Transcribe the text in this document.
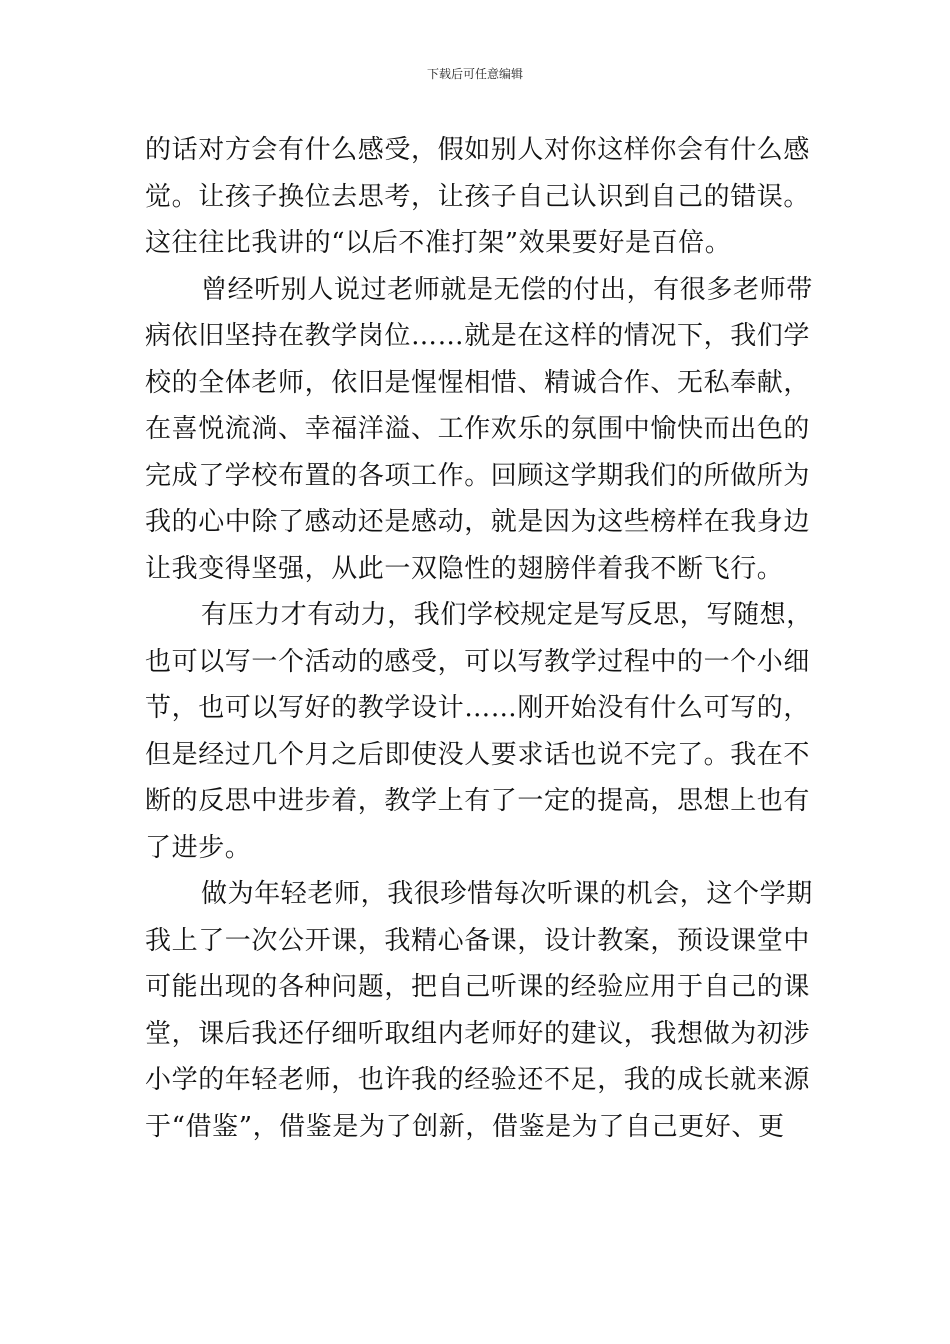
下载后可任意编辑
的话对方会有什么感受，假如别人对你这样你会有什么感
觉。让孩子换位去思考，让孩子自己认识到自己的错误。
这往往比我讲的“以后不准打架”效果要好是百倍。
曾经听别人说过老师就是无偿的付出，有很多老师带
病依旧坚持在教学岗位……就是在这样的情况下，我们学
校的全体老师，依旧是惺惺相惜、精诚合作、无私奉献，
在喜悦流淌、幸福洋溢、工作欢乐的氛围中愉快而出色的
完成了学校布置的各项工作。回顾这学期我们的所做所为
我的心中除了感动还是感动，就是因为这些榜样在我身边
让我变得坚强，从此一双隐性的翅膀伴着我不断飞行。
有压力才有动力，我们学校规定是写反思，写随想，
也可以写一个活动的感受，可以写教学过程中的一个小细
节，也可以写好的教学设计……刚开始没有什么可写的，
但是经过几个月之后即使没人要求话也说不完了。我在不
断的反思中进步着，教学上有了一定的提高，思想上也有
了进步。
做为年轻老师，我很珍惜每次听课的机会，这个学期
我上了一次公开课，我精心备课，设计教案，预设课堂中
可能出现的各种问题，把自己听课的经验应用于自己的课
堂，课后我还仔细听取组内老师好的建议，我想做为初涉
小学的年轻老师，也许我的经验还不足，我的成长就来源
于“借鉴”，借鉴是为了创新，借鉴是为了自己更好、更
